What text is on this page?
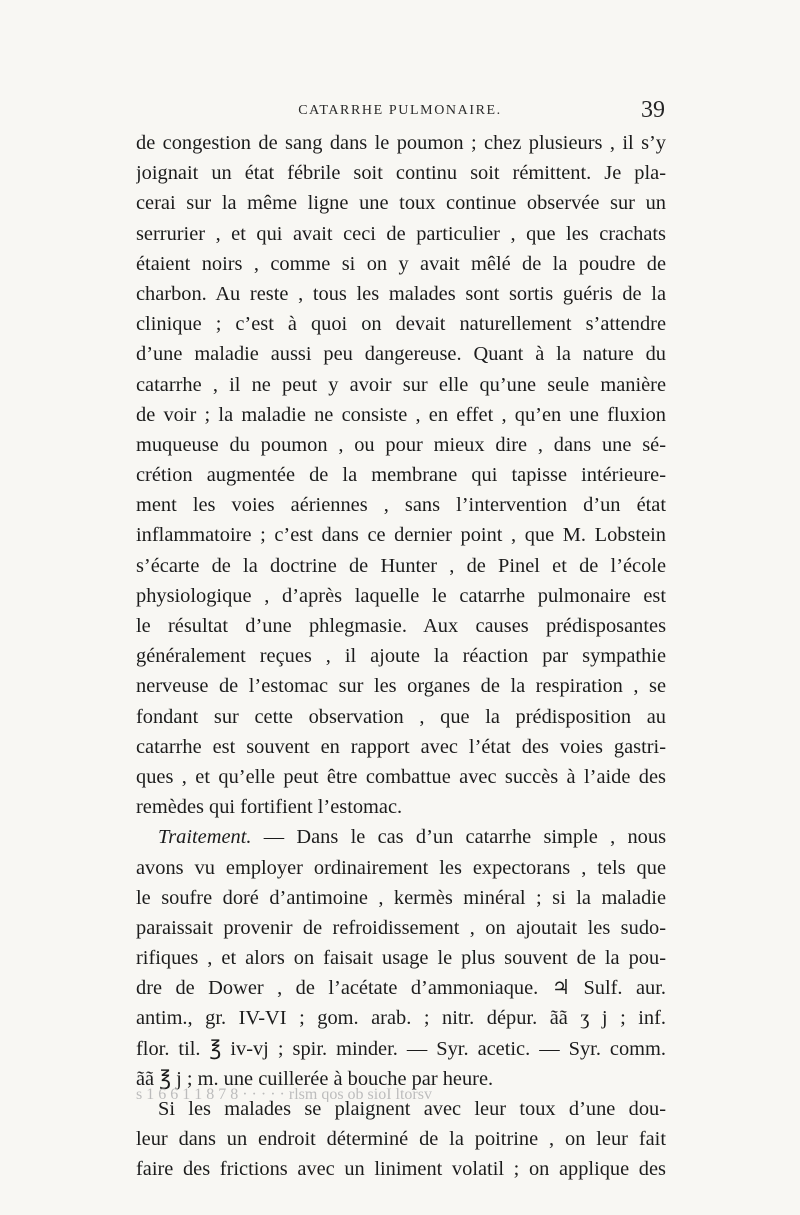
CATARRHE PULMONAIRE.	39
de congestion de sang dans le poumon ; chez plusieurs , il s’y
joignait un état fébrile soit continu soit rémittent. Je pla-
cerai sur la même ligne une toux continue observée sur un
serrurier , et qui avait ceci de particulier , que les crachats
étaient noirs , comme si on y avait mêlé de la poudre de
charbon. Au reste , tous les malades sont sortis guéris de la
clinique ; c’est à quoi on devait naturellement s’attendre
d’une maladie aussi peu dangereuse. Quant à la nature du
catarrhe , il ne peut y avoir sur elle qu’une seule manière
de voir ; la maladie ne consiste , en effet , qu’en une fluxion
muqueuse du poumon , ou pour mieux dire , dans une sé-
crétion augmentée de la membrane qui tapisse intérieure-
ment les voies aériennes , sans l’intervention d’un état
inflammatoire ; c’est dans ce dernier point , que M. Lobstein
s’écarte de la doctrine de Hunter , de Pinel et de l’école
physiologique , d’après laquelle le catarrhe pulmonaire est
le résultat d’une phlegmasie. Aux causes prédisposantes
généralement reçues , il ajoute la réaction par sympathie
nerveuse de l’estomac sur les organes de la respiration , se
fondant sur cette observation , que la prédisposition au
catarrhe est souvent en rapport avec l’état des voies gastri-
ques , et qu’elle peut être combattue avec succès à l’aide des
remèdes qui fortifient l’estomac.
Traitement. — Dans le cas d’un catarrhe simple , nous
avons vu employer ordinairement les expectorans , tels que
le soufre doré d’antimoine , kermès minéral ; si la maladie
paraissait provenir de refroidissement , on ajoutait les sudo-
rifiques , et alors on faisait usage le plus souvent de la pou-
dre de Dower , de l’acétate d’ammoniaque. ♃ Sulf. aur.
antim., gr. IV-VI ; gom. arab. ; nitr. dépur. ãã ʒ j ; inf.
flor. til. ℥ iv-vj ; spir. minder. — Syr. acetic. — Syr. comm.
ãã ℥ j ; m. une cuillerée à bouche par heure.
Si les malades se plaignent avec leur toux d’une dou-
leur dans un endroit déterminé de la poitrine , on leur fait
faire des frictions avec un liniment volatil ; on applique des
s 1 6 6 1 1 8 7 8 · · · · · rlsm qos ob sioI ltorsv
